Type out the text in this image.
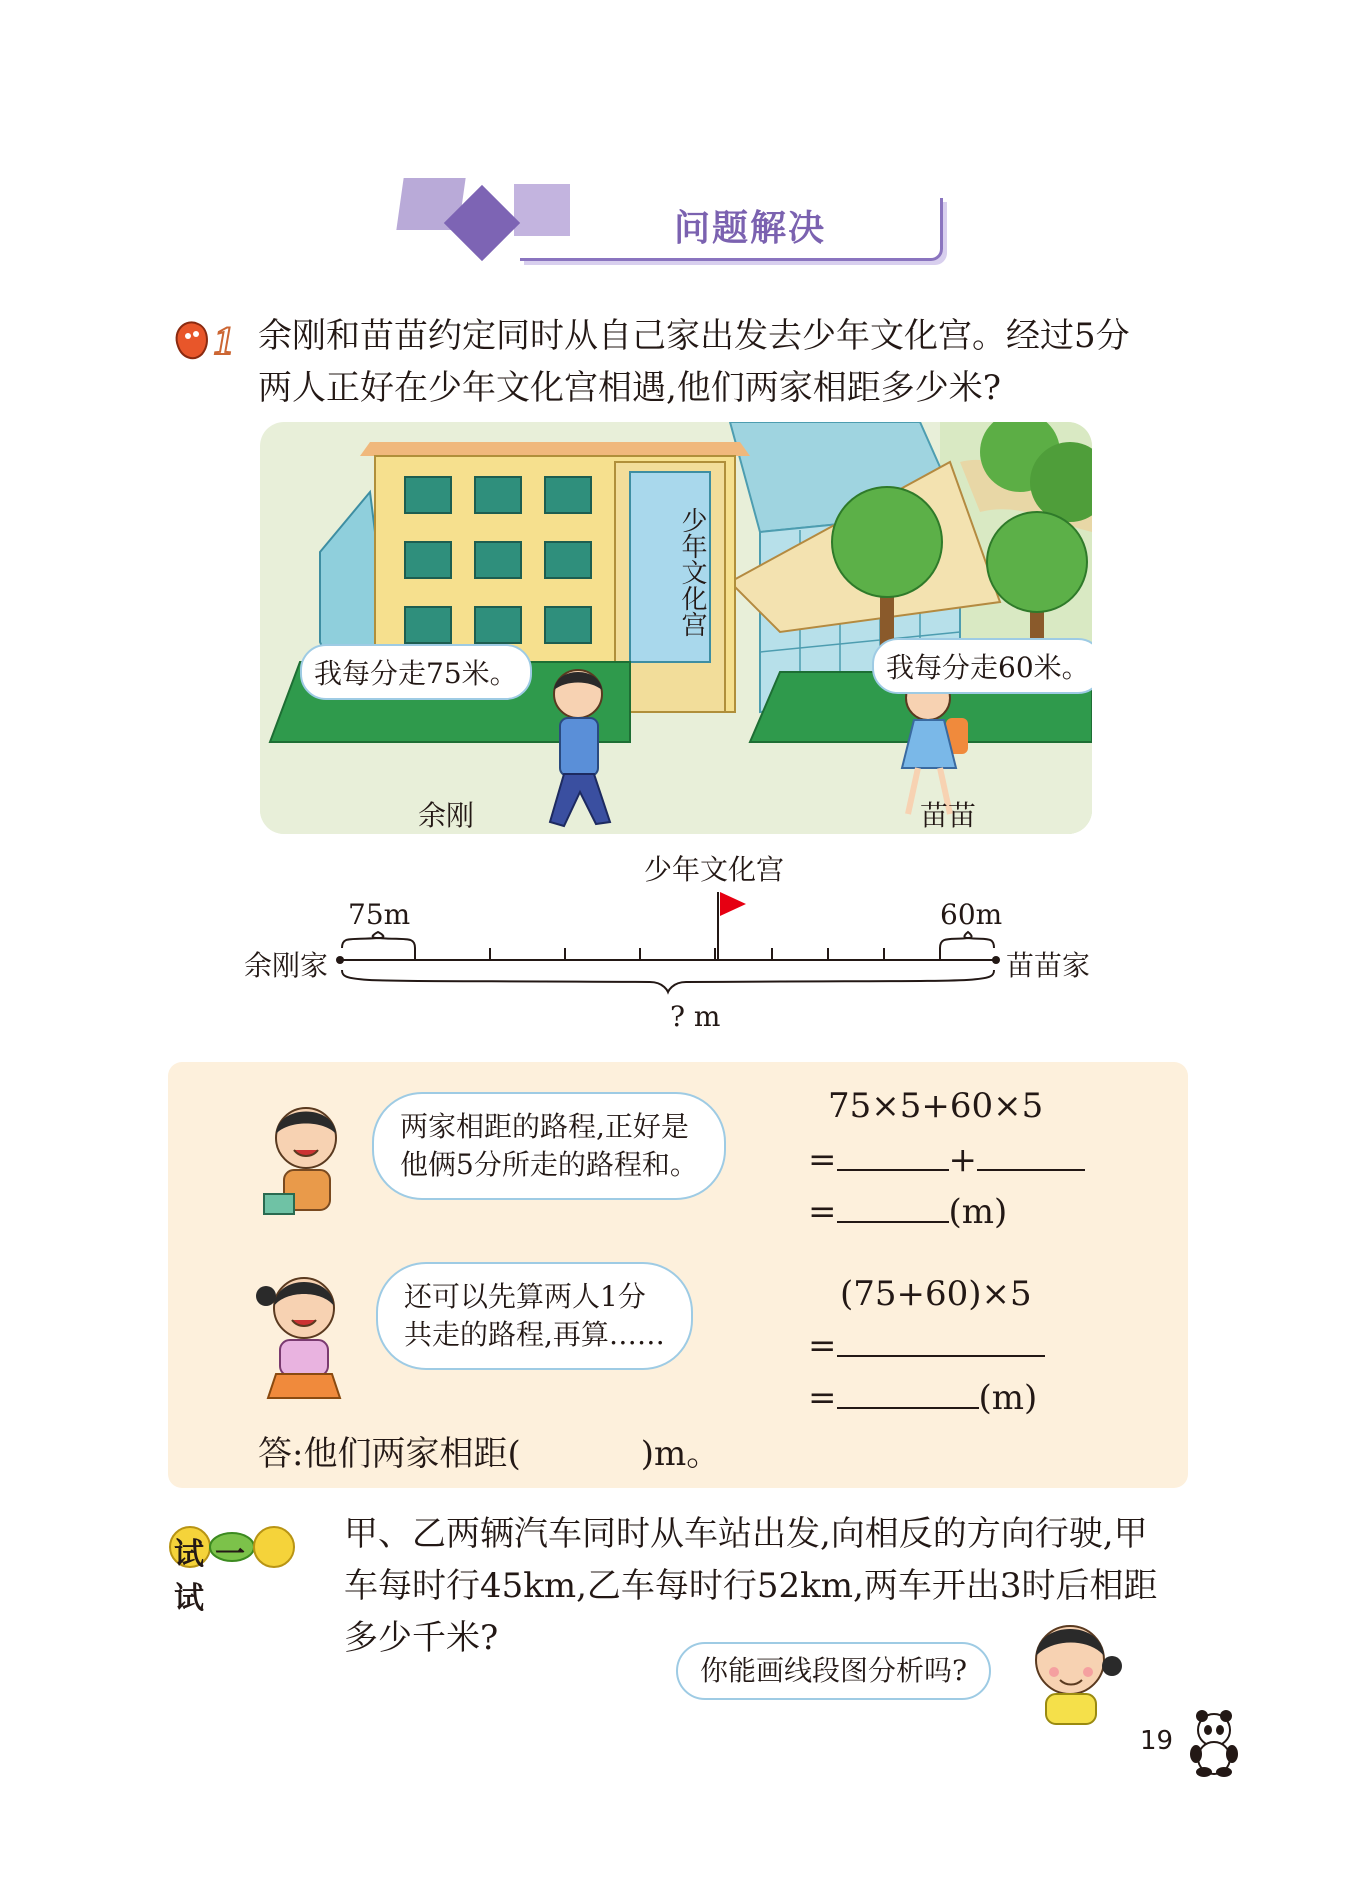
问题解决
1 余刚和苗苗约定同时从自己家出发去少年文化宫。经过5分
两人正好在少年文化宫相遇,他们两家相距多少米?
少年文化宫
我每分走75米。	我每分走60米。
余刚	苗苗
少年文化宫
75m	60m
余刚家	苗苗家
? m
两家相距的路程,正好是
他俩5分所走的路程和。
还可以先算两人1分
共走的路程,再算……
75×5+60×5
=	+
=	(m)
(75+60)×5
=
=	(m)
答:他们两家相距(	)m。
试一试
甲、乙两辆汽车同时从车站出发,向相反的方向行驶,甲
车每时行45km,乙车每时行52km,两车开出3时后相距
多少千米?
你能画线段图分析吗?
19
